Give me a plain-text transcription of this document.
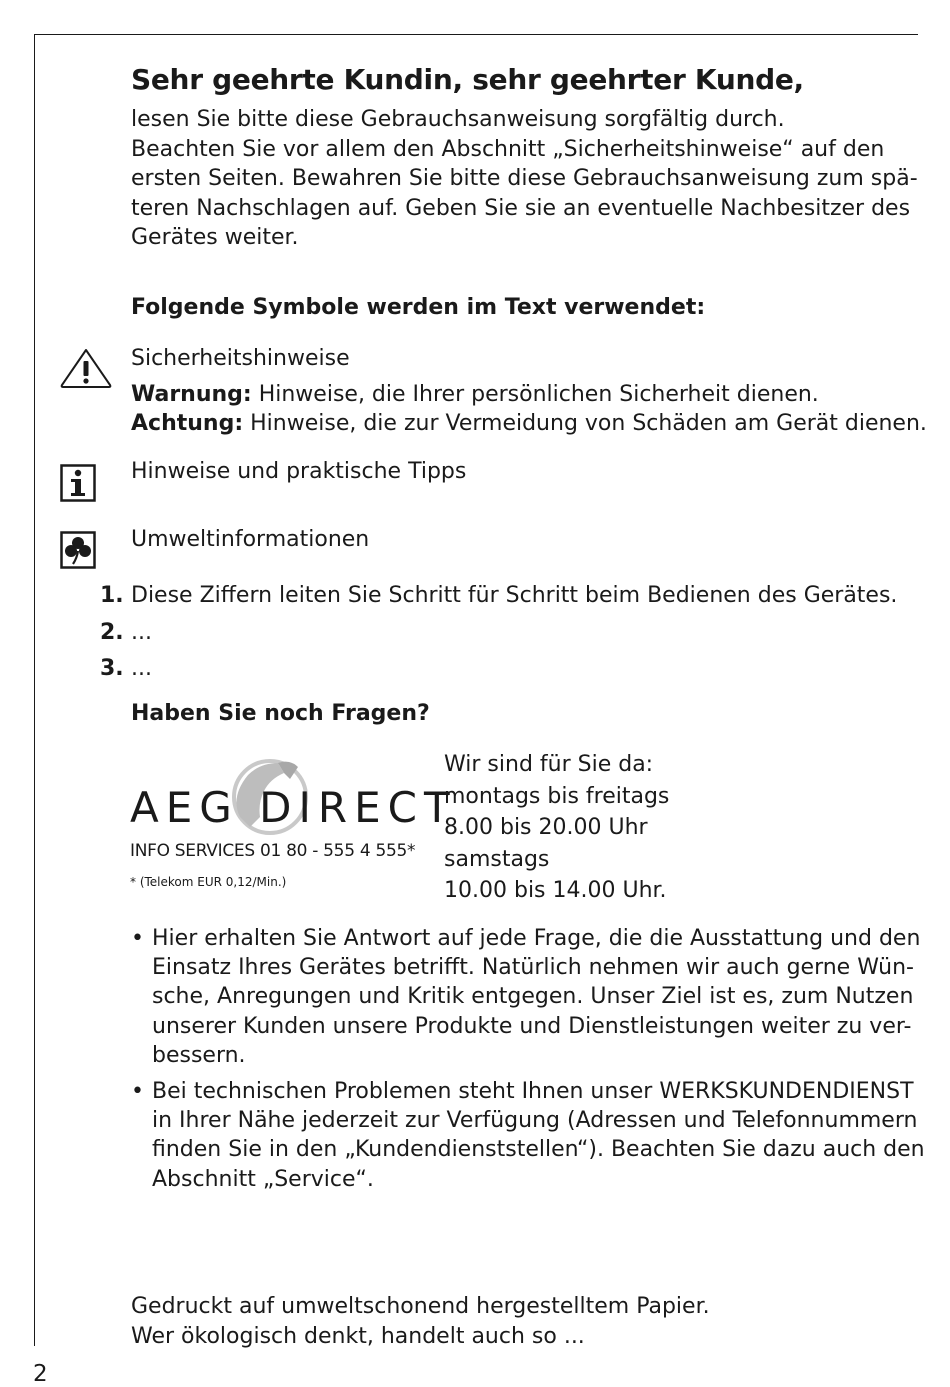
Sehr geehrte Kundin, sehr geehrter Kunde,
lesen Sie bitte diese Gebrauchsanweisung sorgfältig durch.
Beachten Sie vor allem den Abschnitt „Sicherheitshinweise“ auf den
ersten Seiten. Bewahren Sie bitte diese Gebrauchsanweisung zum spä-
teren Nachschlagen auf. Geben Sie sie an eventuelle Nachbesitzer des
Gerätes weiter.
Folgende Symbole werden im Text verwendet:
Sicherheitshinweise
Warnung: Hinweise, die Ihrer persönlichen Sicherheit dienen.
Achtung: Hinweise, die zur Vermeidung von Schäden am Gerät dienen.
Hinweise und praktische Tipps
Umweltinformationen
1. Diese Ziffern leiten Sie Schritt für Schritt beim Bedienen des Gerätes.
2. ...
3. ...
Haben Sie noch Fragen?
AEG DIRECT
INFO SERVICES 01 80 - 555 4 555*
* (Telekom EUR 0,12/Min.)
Wir sind für Sie da:
montags bis freitags
8.00 bis 20.00 Uhr
samstags
10.00 bis 14.00 Uhr.
• Hier erhalten Sie Antwort auf jede Frage, die die Ausstattung und den
Einsatz Ihres Gerätes betrifft. Natürlich nehmen wir auch gerne Wün-
sche, Anregungen und Kritik entgegen. Unser Ziel ist es, zum Nutzen
unserer Kunden unsere Produkte und Dienstleistungen weiter zu ver-
bessern.
• Bei technischen Problemen steht Ihnen unser WERKSKUNDENDIENST
in Ihrer Nähe jederzeit zur Verfügung (Adressen und Telefonnummern
finden Sie in den „Kundendienststellen“). Beachten Sie dazu auch den
Abschnitt „Service“.
Gedruckt auf umweltschonend hergestelltem Papier.
Wer ökologisch denkt, handelt auch so ...
2
